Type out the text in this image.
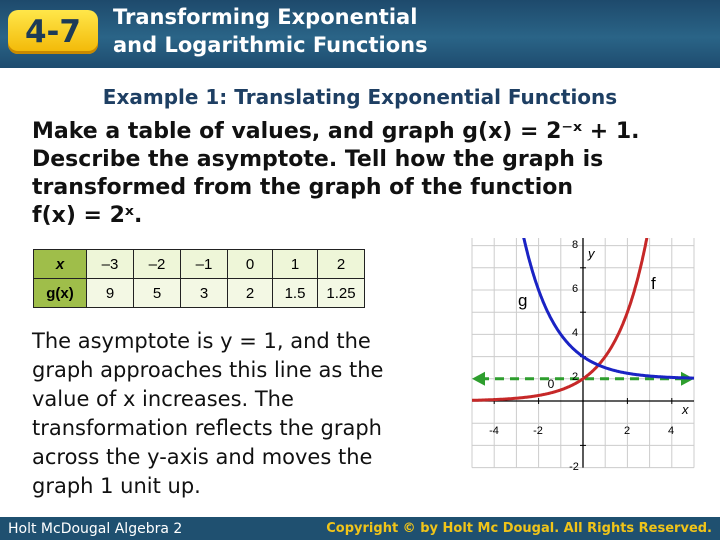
4-7	Transforming Exponential
and Logarithmic Functions
Example 1: Translating Exponential Functions
Make a table of values, and graph g(x) = 2⁻ˣ + 1.
Describe the asymptote. Tell how the graph is
transformed from the graph of the function
f(x) = 2ˣ.
x	–3	–2	–1	0	1	2
g(x)	9	5	3	2	1.5	1.25
The asymptote is y = 1, and the
graph approaches this line as the
value of x increases. The
transformation reflects the graph
across the y-axis and moves the
graph 1 unit up.
-4	-2	2	4
8
6
4
2
-2
0
y
x
f
g
Holt McDougal Algebra 2	Copyright © by Holt Mc Dougal. All Rights Reserved.
